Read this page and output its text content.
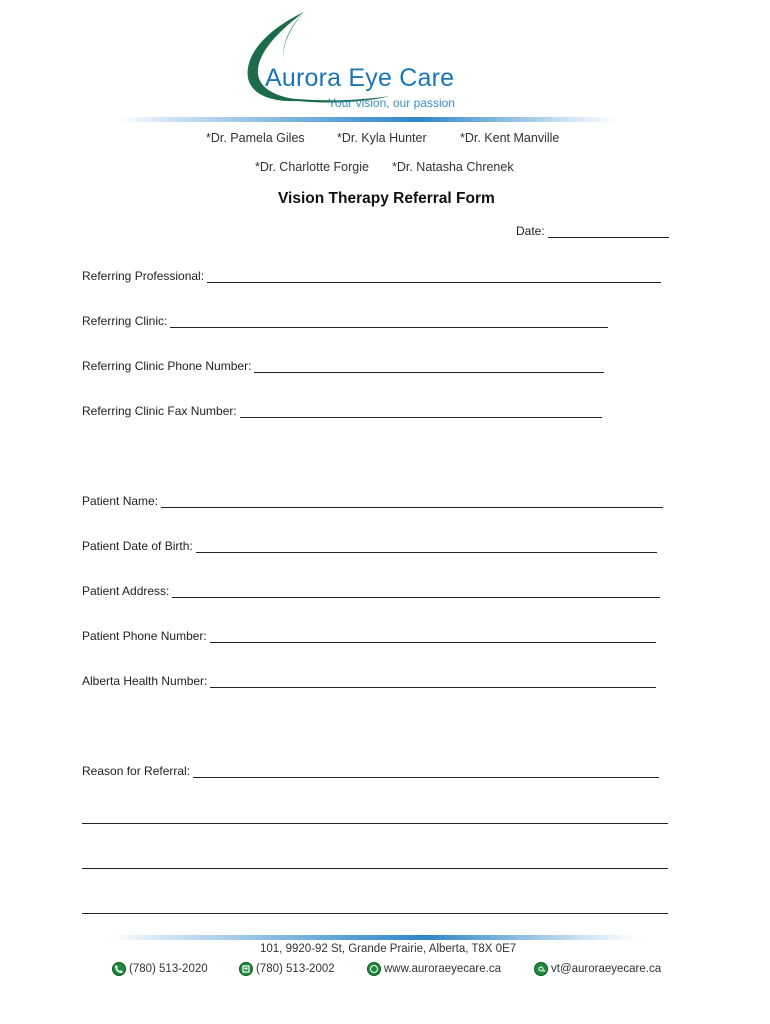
Aurora Eye Care
Your vision, our passion
*Dr. Pamela Giles	*Dr. Kyla Hunter	*Dr. Kent Manville
*Dr. Charlotte Forgie *Dr. Natasha Chrenek
Vision Therapy Referral Form
Date:
Referring Professional:
Referring Clinic:
Referring Clinic Phone Number:
Referring Clinic Fax Number:
Patient Name:
Patient Date of Birth:
Patient Address:
Patient Phone Number:
Alberta Health Number:
Reason for Referral:
101, 9920-92 St, Grande Prairie, Alberta, T8X 0E7
(780) 513-2020	(780) 513-2002	www.auroraeyecare.ca	vt@auroraeyecare.ca
